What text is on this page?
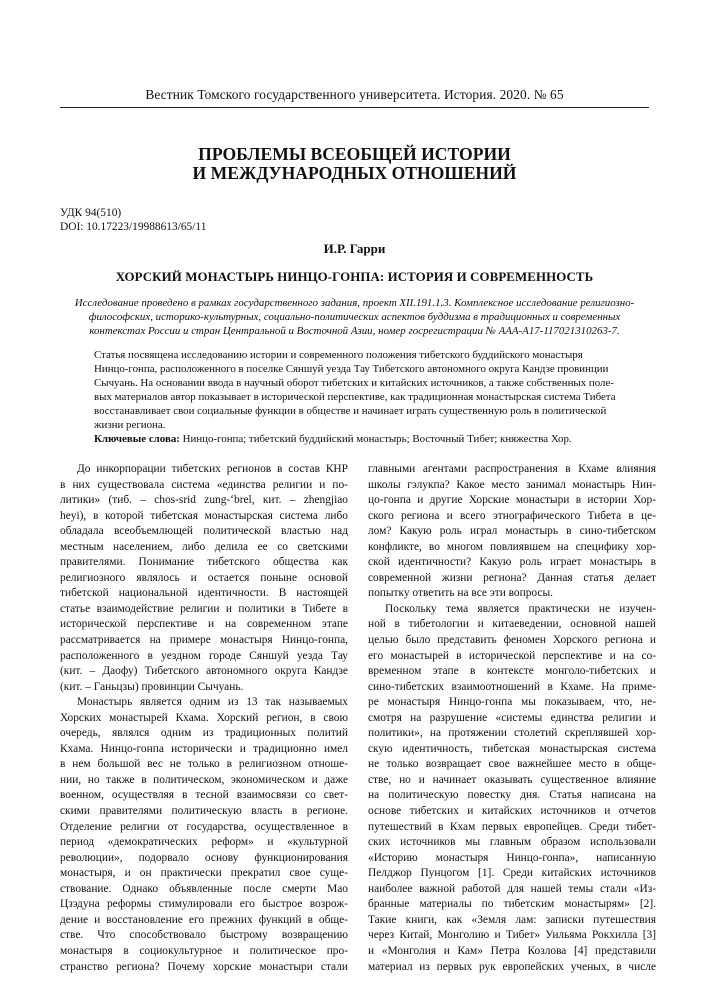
Вестник Томского государственного университета. История. 2020. № 65
ПРОБЛЕМЫ ВСЕОБЩЕЙ ИСТОРИИ
И МЕЖДУНАРОДНЫХ ОТНОШЕНИЙ
УДК 94(510)
DOI: 10.17223/19988613/65/11
И.Р. Гарри
ХОРСКИЙ МОНАСТЫРЬ НИНЦО-ГОНПА: ИСТОРИЯ И СОВРЕМЕННОСТЬ
Исследование проведено в рамках государственного задания, проект XII.191.1.3. Комплексное исследование религиозно-
философских, историко-культурных, социально-политических аспектов буддизма в традиционных и современных
контекстах России и стран Центральной и Восточной Азии, номер госрегистрации № АAA-A17-117021310263-7.
Статья посвящена исследованию истории и современного положения тибетского буддийского монастыря
Нинцо-гонпа, расположенного в поселке Сяншуй уезда Тау Тибетского автономного округа Кандзе провинции
Сычуань. На основании ввода в научный оборот тибетских и китайских источников, а также собственных поле-
вых материалов автор показывает в исторической перспективе, как традиционная монастырская система Тибета
восстанавливает свои социальные функции в обществе и начинает играть существенную роль в политической
жизни региона.
Ключевые слова: Нинцо-гонпа; тибетский буддийский монастырь; Восточный Тибет; княжества Хор.
До инкорпорации тибетских регионов в состав КНР
в них существовала система «единства религии и по-
литики» (тиб. – chos-srid zung-‘brel, кит. – zhengjiao
heyi), в которой тибетская монастырская система либо
обладала всеобъемлющей политической властью над
местным населением, либо делила ее со светскими
правителями. Понимание тибетского общества как
религиозного являлось и остается поныне основой
тибетской национальной идентичности. В настоящей
статье взаимодействие религии и политики в Тибете в
исторической перспективе и на современном этапе
рассматривается на примере монастыря Нинцо-гонпа,
расположенного в уездном городе Сяншуй уезда Тау
(кит. – Даофу) Тибетского автономного округа Кандзе
(кит. – Ганьцзы) провинции Сычуань.
Монастырь является одним из 13 так называемых
Хорских монастырей Кхама. Хорский регион, в свою
очередь, являлся одним из традиционных политий
Кхама. Нинцо-гонпа исторически и традиционно имел
в нем большой вес не только в религиозном отноше-
нии, но также в политическом, экономическом и даже
военном, осуществляя в тесной взаимосвязи со свет-
скими правителями политическую власть в регионе.
Отделение религии от государства, осуществленное в
период «демократических реформ» и «культурной
революции», подорвало основу функционирования
монастыря, и он практически прекратил свое суще-
ствование. Однако объявленные после смерти Мао
Цзэдуна реформы стимулировали его быстрое возрож-
дение и восстановление его прежних функций в обще-
стве. Что способствовало быстрому возвращению
монастыря в социокультурное и политическое про-
странство региона? Почему хорские монастыри стали
главными агентами распространения в Кхаме влияния
школы гэлукпа? Какое место занимал монастырь Нин-
цо-гонпа и другие Хорские монастыри в истории Хор-
ского региона и всего этнографического Тибета в це-
лом? Какую роль играл монастырь в сино-тибетском
конфликте, во многом повлиявшем на специфику хор-
ской идентичности? Какую роль играет монастырь в
современной жизни региона? Данная статья делает
попытку ответить на все эти вопросы.
Поскольку тема является практически не изучен-
ной в тибетологии и китаеведении, основной нашей
целью было представить феномен Хорского региона и
его монастырей в исторической перспективе и на со-
временном этапе в контексте монголо-тибетских и
сино-тибетских взаимоотношений в Кхаме. На приме-
ре монастыря Нинцо-гонпа мы показываем, что, не-
смотря на разрушение «системы единства религии и
политики», на протяжении столетий скреплявшей хор-
скую идентичность, тибетская монастырская система
не только возвращает свое важнейшее место в обще-
стве, но и начинает оказывать существенное влияние
на политическую повестку дня. Статья написана на
основе тибетских и китайских источников и отчетов
путешествий в Кхам первых европейцев. Среди тибет-
ских источников мы главным образом использовали
«Историю монастыря Нинцо-гонпа», написанную
Пелджор Пунцогом [1]. Среди китайских источников
наиболее важной работой для нашей темы стали «Из-
бранные материалы по тибетским монастырям» [2].
Такие книги, как «Земля лам: записки путешествия
через Китай, Монголию и Тибет» Уильяма Рокхилла [3]
и «Монголия и Кам» Петра Козлова [4] представили
материал из первых рук европейских ученых, в числе
